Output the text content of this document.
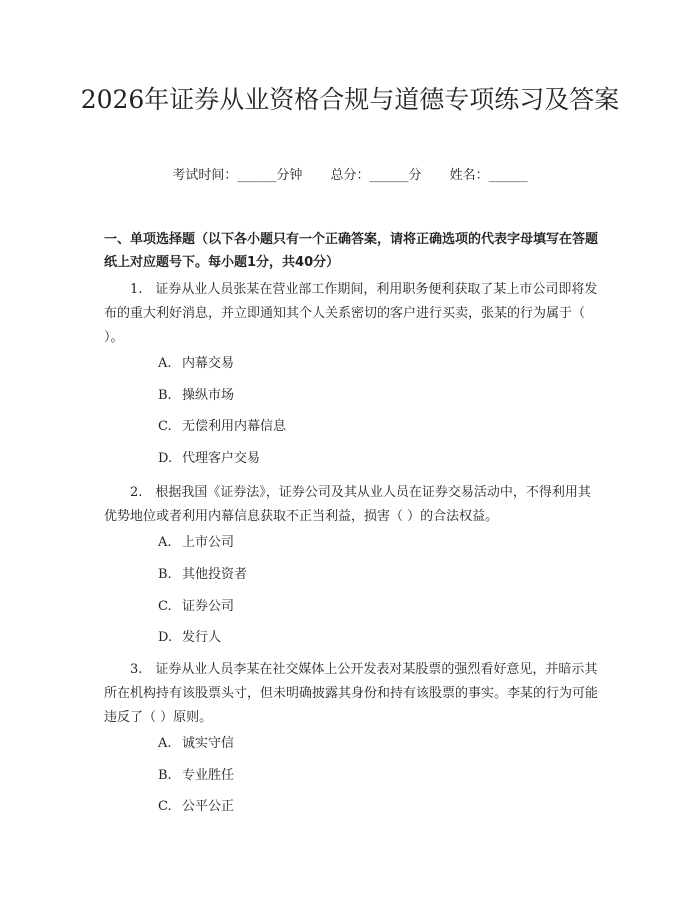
2026年证券从业资格合规与道德专项练习及答案
考试时间：______分钟 总分：______分 姓名：______
一、单项选择题（以下各小题只有一个正确答案，请将正确选项的代表字母填写在答题纸上对应题号下。每小题1分，共40分）
1.　证券从业人员张某在营业部工作期间，利用职务便利获取了某上市公司即将发布的重大利好消息，并立即通知其个人关系密切的客户进行买卖，张某的行为属于（ ）。
A. 内幕交易
B. 操纵市场
C. 无偿利用内幕信息
D. 代理客户交易
2.　根据我国《证券法》，证券公司及其从业人员在证券交易活动中，不得利用其优势地位或者利用内幕信息获取不正当利益，损害（ ）的合法权益。
A. 上市公司
B. 其他投资者
C. 证券公司
D. 发行人
3.　证券从业人员李某在社交媒体上公开发表对某股票的强烈看好意见，并暗示其所在机构持有该股票头寸，但未明确披露其身份和持有该股票的事实。李某的行为可能违反了（ ）原则。
A. 诚实守信
B. 专业胜任
C. 公平公正
